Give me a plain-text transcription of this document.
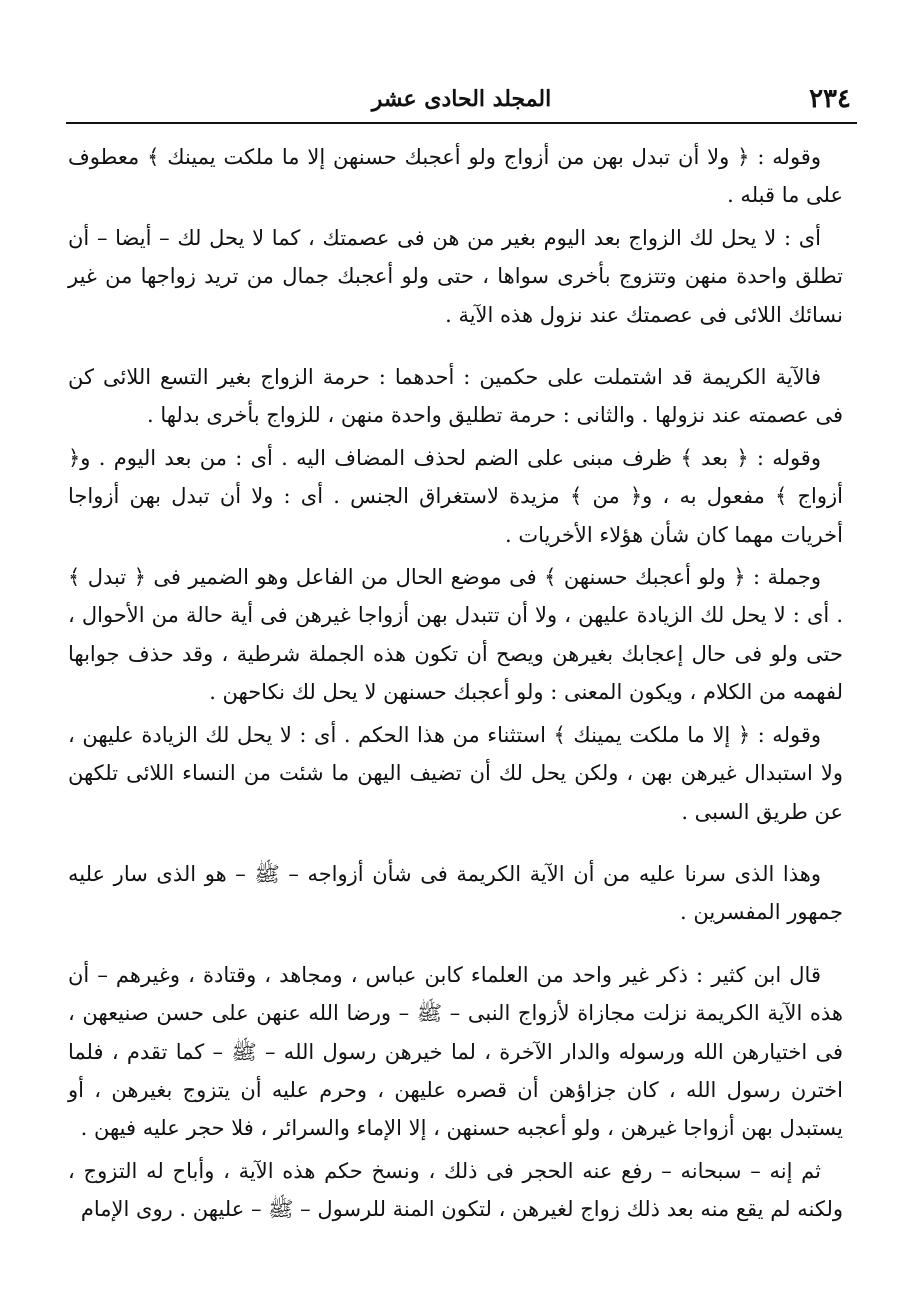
٢٣٤
المجلد الحادى عشر

وقوله : ﴿ ولا أن تبدل بهن من أزواج ولو أعجبك حسنهن إلا ما ملكت يمينك ﴾ معطوف على ما قبله .

أى : لا يحل لك الزواج بعد اليوم بغير من هن فى عصمتك ، كما لا يحل لك – أيضا – أن تطلق واحدة منهن وتتزوج بأخرى سواها ، حتى ولو أعجبك جمال من تريد زواجها من غير نسائك اللائى فى عصمتك عند نزول هذه الآية .

فالآية الكريمة قد اشتملت على حكمين : أحدهما : حرمة الزواج بغير التسع اللائى كن فى عصمته عند نزولها . والثانى : حرمة تطليق واحدة منهن ، للزواج بأخرى بدلها .

وقوله : ﴿ بعد ﴾ ظرف مبنى على الضم لحذف المضاف اليه . أى : من بعد اليوم . و﴿ أزواج ﴾ مفعول به ، و﴿ من ﴾ مزيدة لاستغراق الجنس . أى : ولا أن تبدل بهن أزواجا أخريات مهما كان شأن هؤلاء الأخريات .

وجملة : ﴿ ولو أعجبك حسنهن ﴾ فى موضع الحال من الفاعل وهو الضمير فى ﴿ تبدل ﴾ . أى : لا يحل لك الزيادة عليهن ، ولا أن تتبدل بهن أزواجا غيرهن فى أية حالة من الأحوال ، حتى ولو فى حال إعجابك بغيرهن ويصح أن تكون هذه الجملة شرطية ، وقد حذف جوابها لفهمه من الكلام ، ويكون المعنى : ولو أعجبك حسنهن لا يحل لك نكاحهن .

وقوله : ﴿ إلا ما ملكت يمينك ﴾ استثناء من هذا الحكم . أى : لا يحل لك الزيادة عليهن ، ولا استبدال غيرهن بهن ، ولكن يحل لك أن تضيف اليهن ما شئت من النساء اللائى تلكهن عن طريق السبى .

وهذا الذى سرنا عليه من أن الآية الكريمة فى شأن أزواجه – ﷺ – هو الذى سار عليه جمهور المفسرين .

قال ابن كثير : ذكر غير واحد من العلماء كابن عباس ، ومجاهد ، وقتادة ، وغيرهم – أن هذه الآية الكريمة نزلت مجازاة لأزواج النبى – ﷺ – ورضا الله عنهن على حسن صنيعهن ، فى اختيارهن الله ورسوله والدار الآخرة ، لما خيرهن رسول الله – ﷺ – كما تقدم ، فلما اخترن رسول الله ، كان جزاؤهن أن قصره عليهن ، وحرم عليه أن يتزوج بغيرهن ، أو يستبدل بهن أزواجا غيرهن ، ولو أعجبه حسنهن ، إلا الإماء والسرائر ، فلا حجر عليه فيهن .

ثم إنه – سبحانه – رفع عنه الحجر فى ذلك ، ونسخ حكم هذه الآية ، وأباح له التزوج ، ولكنه لم يقع منه بعد ذلك زواج لغيرهن ، لتكون المنة للرسول – ﷺ – عليهن . روى الإمام
